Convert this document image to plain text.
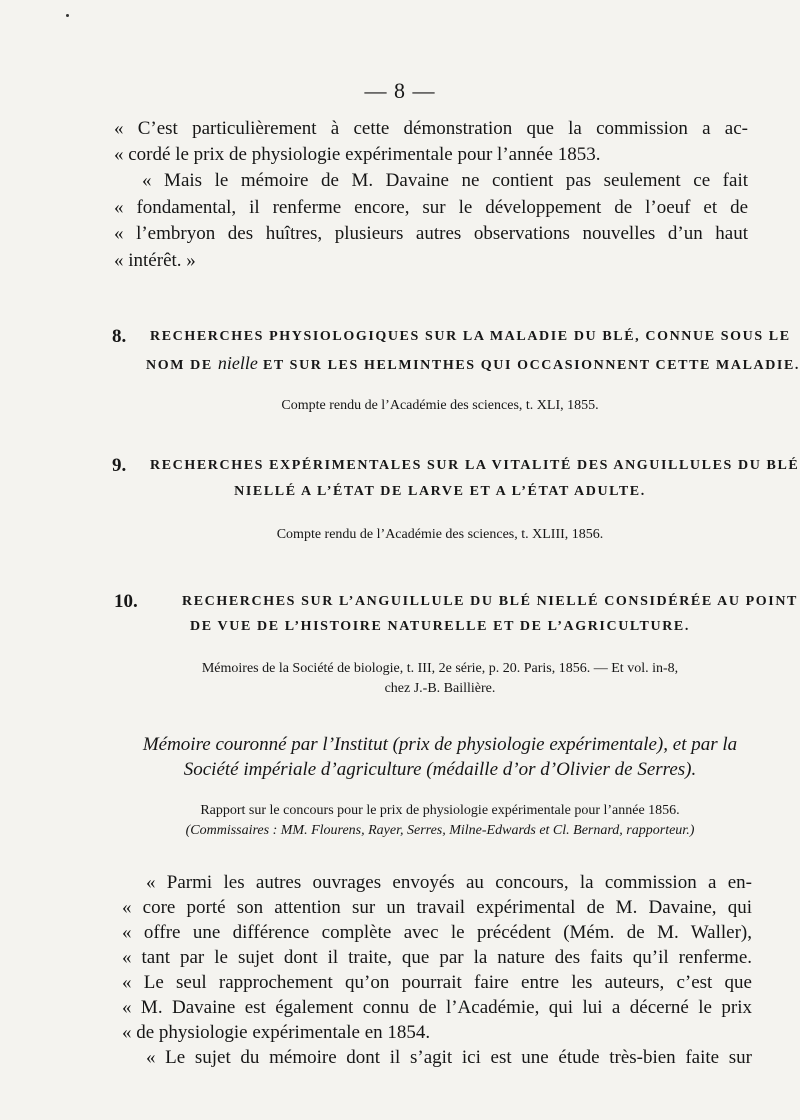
— 8 —
« C’est particulièrement à cette démonstration que la commission a ac-
« cordé le prix de physiologie expérimentale pour l’année 1853.
« Mais le mémoire de M. Davaine ne contient pas seulement ce fait
« fondamental, il renferme encore, sur le développement de l’oeuf et de
« l’embryon des huîtres, plusieurs autres observations nouvelles d’un haut
« intérêt. »
8. RECHERCHES PHYSIOLOGIQUES SUR LA MALADIE DU BLÉ, CONNUE SOUS LE
NOM DE nielle ET SUR LES HELMINTHES QUI OCCASIONNENT CETTE MALADIE.
Compte rendu de l’Académie des sciences, t. XLI, 1855.
9. RECHERCHES EXPÉRIMENTALES SUR LA VITALITÉ DES ANGUILLULES DU BLÉ
NIELLÉ A L’ÉTAT DE LARVE ET A L’ÉTAT ADULTE.
Compte rendu de l’Académie des sciences, t. XLIII, 1856.
10.	RECHERCHES SUR L’ANGUILLULE DU BLÉ NIELLÉ CONSIDÉRÉE AU POINT
DE VUE DE L’HISTOIRE NATURELLE ET DE L’AGRICULTURE.
Mémoires de la Société de biologie, t. III, 2e série, p. 20. Paris, 1856. — Et vol. in-8,
chez J.-B. Baillière.
Mémoire couronné par l’Institut (prix de physiologie expérimentale), et par la
Société impériale d’agriculture (médaille d’or d’Olivier de Serres).
Rapport sur le concours pour le prix de physiologie expérimentale pour l’année 1856.
(Commissaires : MM. Flourens, Rayer, Serres, Milne-Edwards et Cl. Bernard, rapporteur.)
« Parmi les autres ouvrages envoyés au concours, la commission a en-
« core porté son attention sur un travail expérimental de M. Davaine, qui
« offre une différence complète avec le précédent (Mém. de M. Waller),
« tant par le sujet dont il traite, que par la nature des faits qu’il renferme.
« Le seul rapprochement qu’on pourrait faire entre les auteurs, c’est que
« M. Davaine est également connu de l’Académie, qui lui a décerné le prix
« de physiologie expérimentale en 1854.
« Le sujet du mémoire dont il s’agit ici est une étude très-bien faite sur
